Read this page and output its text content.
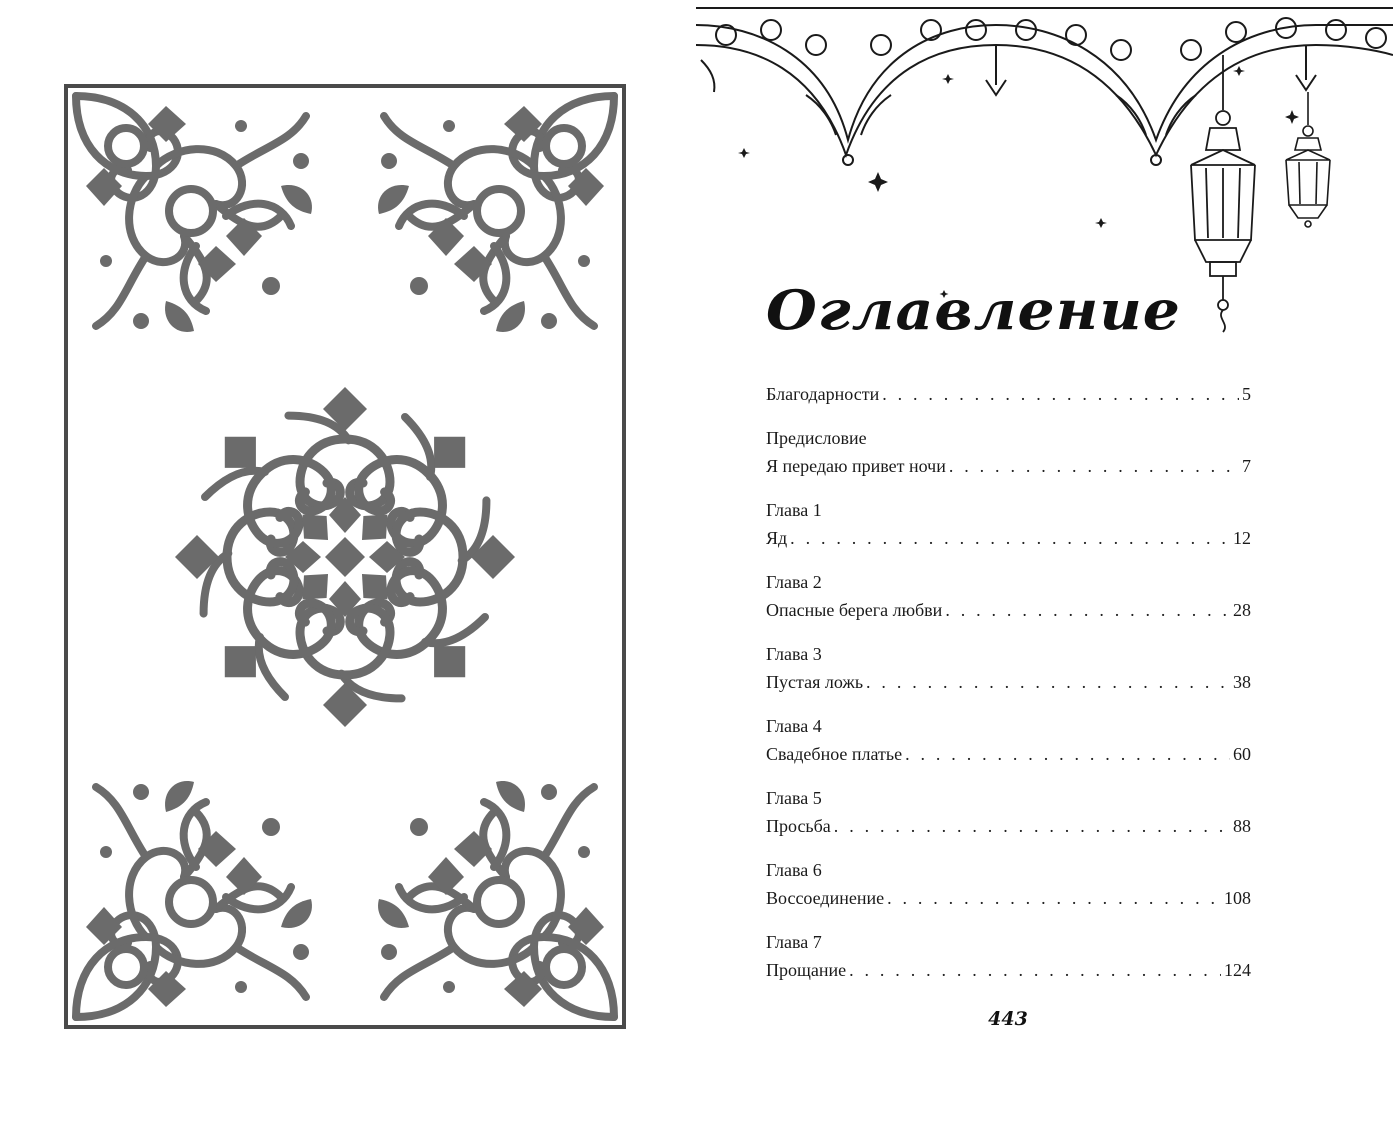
Оглавление
Благодарности . . .	5
Предисловие
Я передаю привет ночи . . .	7
Глава 1
Яд . . .	12
Глава 2
Опасные берега любви . . .	28
Глава 3
Пустая ложь . . .	38
Глава 4
Свадебное платье . . .	60
Глава 5
Просьба . . .	88
Глава 6
Воссоединение . . .	108
Глава 7
Прощание . . .	124
443
